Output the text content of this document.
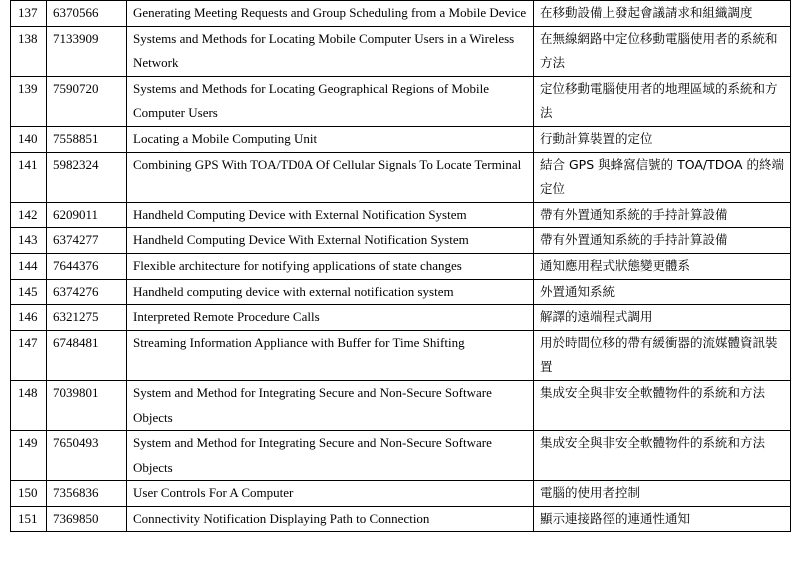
137	6370566	Generating Meeting Requests and Group Scheduling from a Mobile Device	在移動設備上發起會議請求和組織調度
138	7133909	Systems and Methods for Locating Mobile Computer Users in a Wireless Network	在無線網路中定位移動電腦使用者的系統和方法
139	7590720	Systems and Methods for Locating Geographical Regions of Mobile Computer Users	定位移動電腦使用者的地理區域的系統和方法
140	7558851	Locating a Mobile Computing Unit	行動計算裝置的定位
141	5982324	Combining GPS With TOA/TD0A Of Cellular Signals To Locate Terminal	結合 GPS 與蜂窩信號的 TOA/TDOA 的終端定位
142	6209011	Handheld Computing Device with External Notification System	帶有外置通知系統的手持計算設備
143	6374277	Handheld Computing Device With External Notification System	帶有外置通知系統的手持計算設備
144	7644376	Flexible architecture for notifying applications of state changes	通知應用程式狀態變更體系
145	6374276	Handheld computing device with external notification system	外置通知系統
146	6321275	Interpreted Remote Procedure Calls	解譯的遠端程式調用
147	6748481	Streaming Information Appliance with Buffer for Time Shifting	用於時間位移的帶有緩衝器的流媒體資訊裝置
148	7039801	System and Method for Integrating Secure and Non-Secure Software Objects	集成安全與非安全軟體物件的系統和方法
149	7650493	System and Method for Integrating Secure and Non-Secure Software Objects	集成安全與非安全軟體物件的系統和方法
150	7356836	User Controls For A Computer	電腦的使用者控制
151	7369850	Connectivity Notification Displaying Path to Connection	顯示連接路徑的連通性通知
